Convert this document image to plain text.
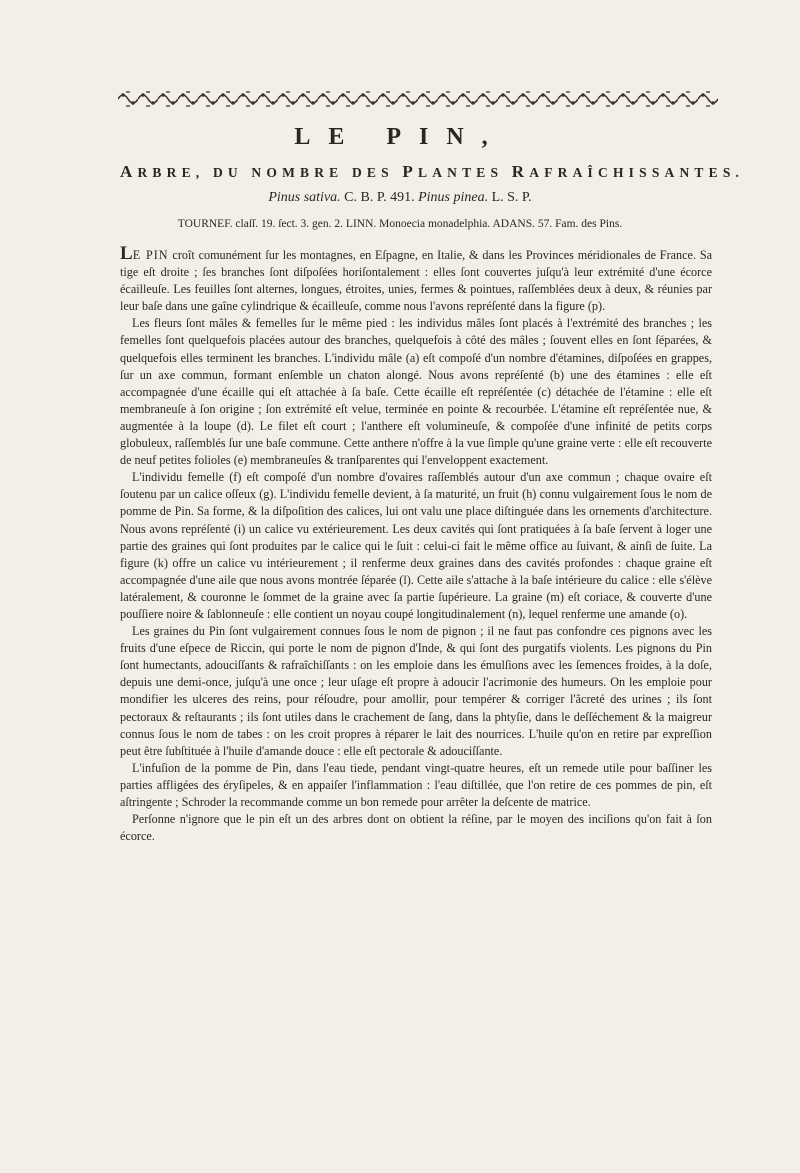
LE PIN,

ARBRE, DU NOMBRE DES PLANTES RAFRAÎCHISSANTES.

Pinus sativa. C. B. P. 491. Pinus pinea. L. S. P.

TOURNEF. claſſ. 19. ſect. 3. gen. 2. LINN. Monoecia monadelphia. ADANS. 57. Fam. des Pins.

LE PIN croît comunément ſur les montagnes, en Eſpagne, en Italie, & dans les Provinces méridionales de France. Sa tige eſt droite ; ſes branches ſont diſpoſées horiſontalement : elles ſont couvertes juſqu'à leur extrémité d'une écorce écailleuſe. Les feuilles ſont alternes, longues, étroites, unies, fermes & pointues, raſſemblées deux à deux, & réunies par leur baſe dans une gaîne cylindrique & écailleuſe, comme nous l'avons repréſenté dans la figure (p).

Les fleurs ſont mâles & femelles ſur le même pied : les individus mâles ſont placés à l'extrémité des branches ; les femelles ſont quelquefois placées autour des branches, quelquefois à côté des mâles ; ſouvent elles en ſont ſéparées, & quelquefois elles terminent les branches. L'individu mâle (a) eſt compoſé d'un nombre d'étamines, diſpoſées en grappes, ſur un axe commun, formant enſemble un chaton alongé. Nous avons repréſenté (b) une des étamines : elle eſt accompagnée d'une écaille qui eſt attachée à ſa baſe. Cette écaille eſt repréſentée (c) détachée de l'étamine : elle eſt membraneuſe à ſon origine ; ſon extrémité eſt velue, terminée en pointe & recourbée. L'étamine eſt repréſentée nue, & augmentée à la loupe (d). Le filet eſt court ; l'anthere eſt volumineuſe, & compoſée d'une infinité de petits corps globuleux, raſſemblés ſur une baſe commune. Cette anthere n'offre à la vue ſimple qu'une graine verte : elle eſt recouverte de neuf petites folioles (e) membraneuſes & tranſparentes qui l'enveloppent exactement.

L'individu femelle (f) eſt compoſé d'un nombre d'ovaires raſſemblés autour d'un axe commun ; chaque ovaire eſt ſoutenu par un calice oſſeux (g). L'individu femelle devient, à ſa maturité, un fruit (h) connu vulgairement ſous le nom de pomme de Pin. Sa forme, & la diſpoſition des calices, lui ont valu une place diſtinguée dans les ornements d'architecture. Nous avons repréſenté (i) un calice vu extérieurement. Les deux cavités qui ſont pratiquées à ſa baſe ſervent à loger une partie des graines qui ſont produites par le calice qui le ſuit : celui-ci fait le même office au ſuivant, & ainſi de ſuite. La figure (k) offre un calice vu intérieurement ; il renferme deux graines dans des cavités profondes : chaque graine eſt accompagnée d'une aile que nous avons montrée ſéparée (l). Cette aile s'attache à la baſe intérieure du calice : elle s'élève latéralement, & couronne le ſommet de la graine avec ſa partie ſupérieure. La graine (m) eſt coriace, & couverte d'une pouſſiere noire & ſablonneuſe : elle contient un noyau coupé longitudinalement (n), lequel renferme une amande (o).

Les graines du Pin ſont vulgairement connues ſous le nom de pignon ; il ne faut pas confondre ces pignons avec les fruits d'une eſpece de Riccin, qui porte le nom de pignon d'Inde, & qui ſont des purgatifs violents. Les pignons du Pin ſont humectants, adouciſſants & rafraîchiſſants : on les emploie dans les émulſions avec les ſemences froides, à la doſe, depuis une demi-once, juſqu'à une once ; leur uſage eſt propre à adoucir l'acrimonie des humeurs. On les emploie pour mondifier les ulceres des reins, pour réſoudre, pour amollir, pour tempérer & corriger l'âcreté des urines ; ils ſont pectoraux & reſtaurants ; ils ſont utiles dans le crachement de ſang, dans la phtyſie, dans le deſſéchement & la maigreur connus ſous le nom de tabes : on les croit propres à réparer le lait des nourrices. L'huile qu'on en retire par expreſſion peut être ſubſtituée à l'huile d'amande douce : elle eſt pectorale & adouciſſante.

L'infuſion de la pomme de Pin, dans l'eau tiede, pendant vingt-quatre heures, eſt un remede utile pour baſſiner les parties affligées des éryſipeles, & en appaiſer l'inflammation : l'eau diſtillée, que l'on retire de ces pommes de pin, eſt aſtringente ; Schroder la recommande comme un bon remede pour arrêter la deſcente de matrice.

Perſonne n'ignore que le pin eſt un des arbres dont on obtient la réſine, par le moyen des inciſions qu'on fait à ſon écorce.
